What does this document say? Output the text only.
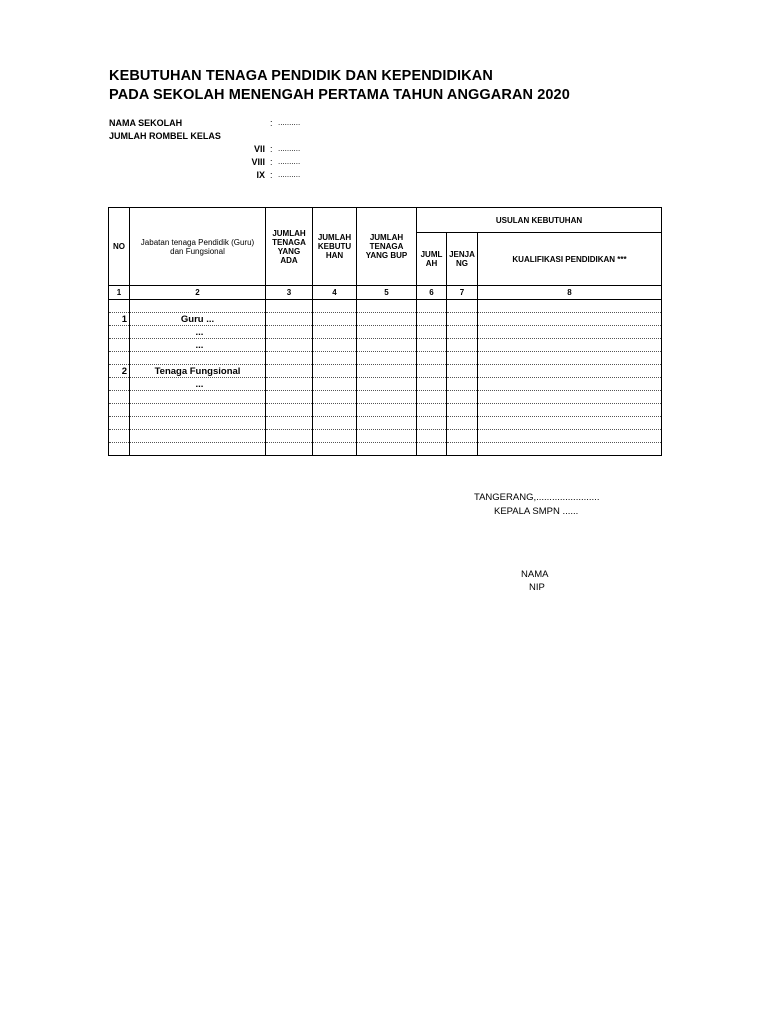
KEBUTUHAN TENAGA PENDIDIK DAN KEPENDIDIKAN
PADA SEKOLAH MENENGAH PERTAMA TAHUN ANGGARAN 2020
NAMA SEKOLAH	: ..........
JUMLAH ROMBEL KELAS
VII : ..........
VIII : ..........
IX : ..........
NO	Jabatan tenaga Pendidik (Guru) dan Fungsional	JUMLAH TENAGA YANG ADA	JUMLAH KEBUTU HAN	JUMLAH TENAGA YANG BUP	USULAN KEBUTUHAN		
					JUML AH	JENJA NG	KUALIFIKASI PENDIDIKAN ***
1	2	3	4	5	6	7	8

1	Guru ...						
	...						
	...						

2	Tenaga Fungsional						
	...						

TANGERANG,........................
KEPALA SMPN ......
NAMA
NIP
